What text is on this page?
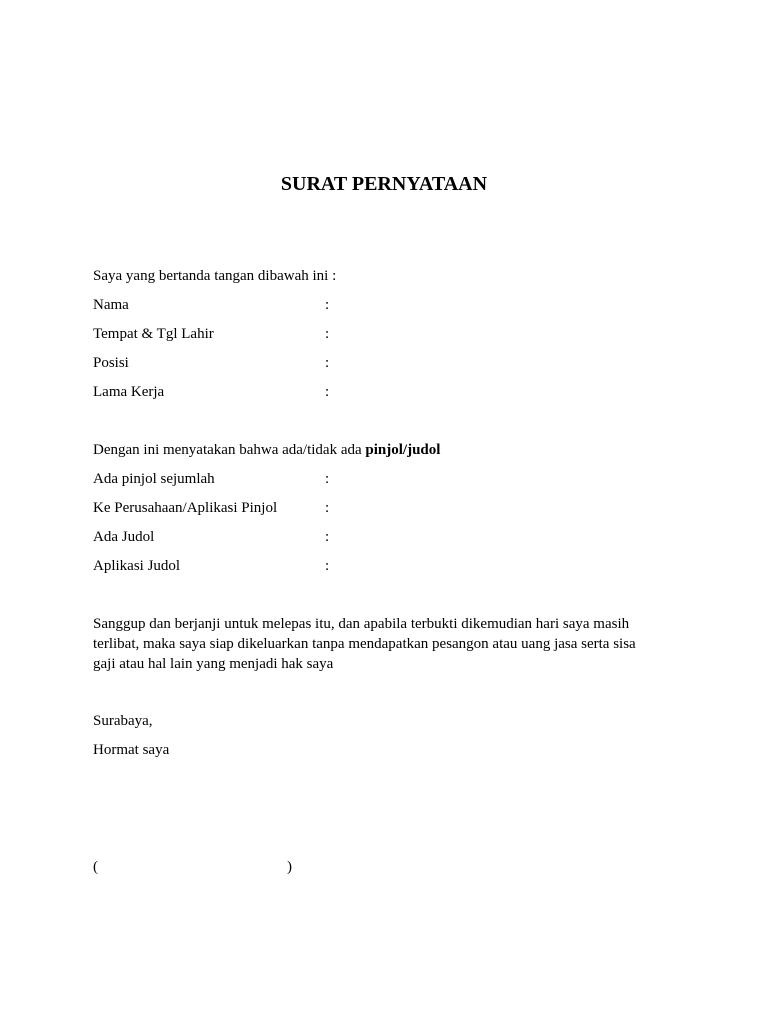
SURAT PERNYATAAN
Saya yang bertanda tangan dibawah ini :
Nama	:
Tempat & Tgl Lahir	:
Posisi	:
Lama Kerja	:
Dengan ini menyatakan bahwa ada/tidak ada pinjol/judol
Ada pinjol sejumlah	:
Ke Perusahaan/Aplikasi Pinjol	:
Ada Judol	:
Aplikasi Judol	:
Sanggup dan berjanji untuk melepas itu, dan apabila terbukti dikemudian hari saya masih
terlibat, maka saya siap dikeluarkan tanpa mendapatkan pesangon atau uang jasa serta sisa
gaji atau hal lain yang menjadi hak saya
Surabaya,
Hormat saya
(	)
